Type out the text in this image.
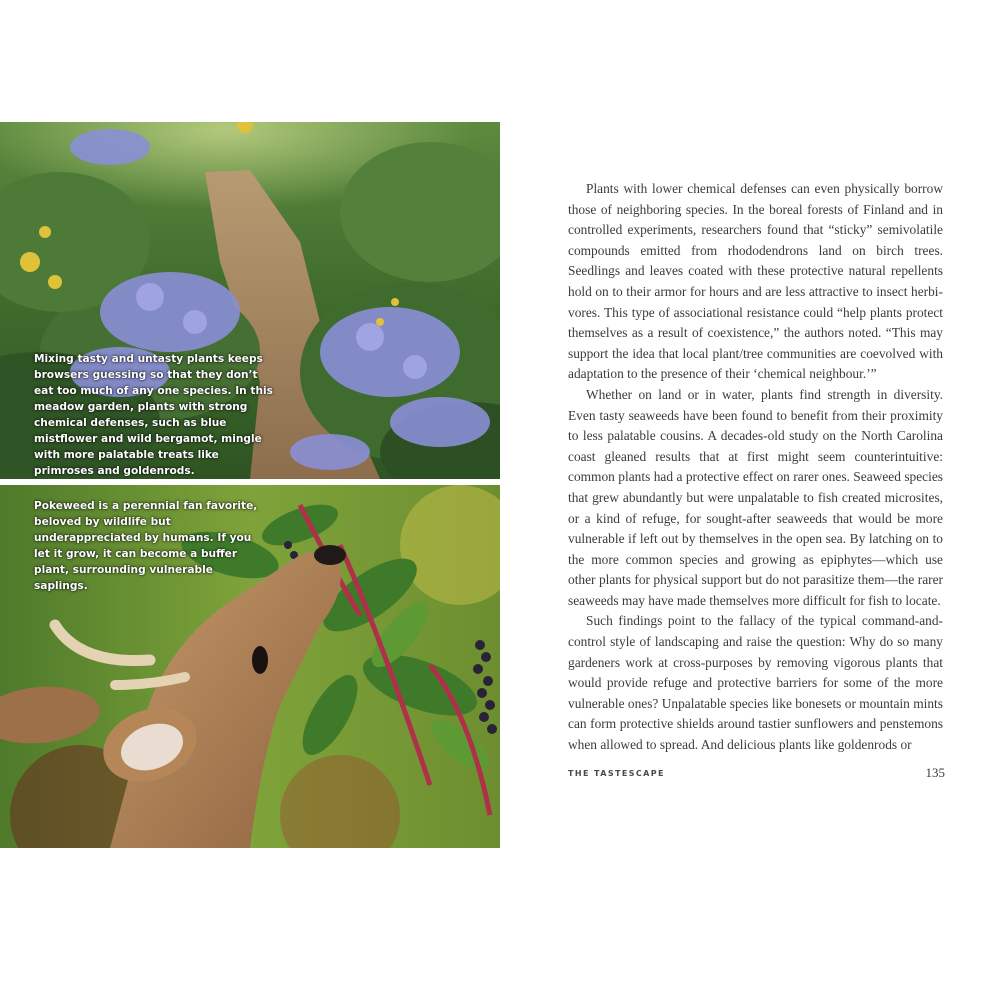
Mixing tasty and untasty plants keeps browsers guessing so that they don’t eat too much of any one species. In this meadow garden, plants with strong chemical defenses, such as blue mistflower and wild bergamot, mingle with more palatable treats like primroses and goldenrods.

Pokeweed is a perennial fan favorite, beloved by wildlife but underappreciated by humans. If you let it grow, it can become a buffer plant, surrounding vulnerable saplings.

Plants with lower chemical defenses can even physically borrow those of neighboring species. In the boreal forests of Finland and in controlled experiments, researchers found that “sticky” semivolatile compounds emitted from rhododendrons land on birch trees. Seedlings and leaves coated with these protective natural repellents hold on to their armor for hours and are less attractive to insect herbivores. This type of associational resistance could “help plants protect themselves as a result of coexistence,” the authors noted. “This may support the idea that local plant/tree communities are coevolved with adaptation to the presence of their ‘chemical neighbour.’”

Whether on land or in water, plants find strength in diversity. Even tasty seaweeds have been found to benefit from their proximity to less palatable cousins. A decades-old study on the North Carolina coast gleaned results that at first might seem counterintuitive: common plants had a protective effect on rarer ones. Seaweed species that grew abundantly but were unpalatable to fish created microsites, or a kind of refuge, for sought-after seaweeds that would be more vulnerable if left out by themselves in the open sea. By latching on to the more common species and growing as epiphytes—which use other plants for physical support but do not parasitize them—the rarer seaweeds may have made themselves more difficult for fish to locate.

Such findings point to the fallacy of the typical command-and-control style of landscaping and raise the question: Why do so many gardeners work at cross-purposes by removing vigorous plants that would provide refuge and protective barriers for some of the more vulnerable ones? Unpalatable species like bonesets or mountain mints can form protective shields around tastier sunflowers and penstemons when allowed to spread. And delicious plants like goldenrods or

THE TASTESCAPE	135
